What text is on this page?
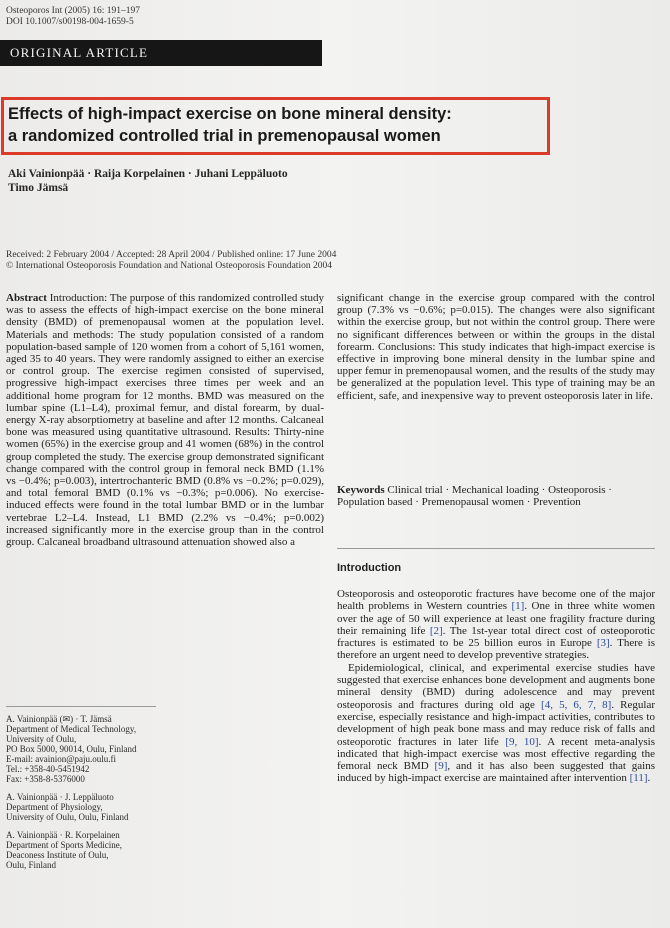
Osteoporos Int (2005) 16: 191–197
DOI 10.1007/s00198-004-1659-5
ORIGINAL ARTICLE
Effects of high-impact exercise on bone mineral density:
a randomized controlled trial in premenopausal women
Aki Vainionpää · Raija Korpelainen · Juhani Leppäluoto
Timo Jämsä
Received: 2 February 2004 / Accepted: 28 April 2004 / Published online: 17 June 2004
© International Osteoporosis Foundation and National Osteoporosis Foundation 2004
Abstract Introduction: The purpose of this randomized controlled study was to assess the effects of high-impact exercise on the bone mineral density (BMD) of premenopausal women at the population level. Materials and methods: The study population consisted of a random population-based sample of 120 women from a cohort of 5,161 women, aged 35 to 40 years. They were randomly assigned to either an exercise or control group. The exercise regimen consisted of supervised, progressive high-impact exercises three times per week and an additional home program for 12 months. BMD was measured on the lumbar spine (L1–L4), proximal femur, and distal forearm, by dual-energy X-ray absorptiometry at baseline and after 12 months. Calcaneal bone was measured using quantitative ultrasound. Results: Thirty-nine women (65%) in the exercise group and 41 women (68%) in the control group completed the study. The exercise group demonstrated significant change compared with the control group in femoral neck BMD (1.1% vs −0.4%; p=0.003), intertrochanteric BMD (0.8% vs −0.2%; p=0.029), and total femoral BMD (0.1% vs −0.3%; p=0.006). No exercise-induced effects were found in the total lumbar BMD or in the lumbar vertebrae L2–L4. Instead, L1 BMD (2.2% vs −0.4%; p=0.002) increased significantly more in the exercise group than in the control group. Calcaneal broadband ultrasound attenuation showed also a
significant change in the exercise group compared with the control group (7.3% vs −0.6%; p=0.015). The changes were also significant within the exercise group, but not within the control group. There were no significant differences between or within the groups in the distal forearm. Conclusions: This study indicates that high-impact exercise is effective in improving bone mineral density in the lumbar spine and upper femur in premenopausal women, and the results of the study may be generalized at the population level. This type of training may be an efficient, safe, and inexpensive way to prevent osteoporosis later in life.
Keywords Clinical trial · Mechanical loading · Osteoporosis · Population based · Premenopausal women · Prevention
Introduction

Osteoporosis and osteoporotic fractures have become one of the major health problems in Western countries [1]. One in three white women over the age of 50 will experience at least one fragility fracture during their remaining life [2]. The 1st-year total direct cost of osteoporotic fractures is estimated to be 25 billion euros in Europe [3]. There is therefore an urgent need to develop preventive strategies.

Epidemiological, clinical, and experimental exercise studies have suggested that exercise enhances bone development and augments bone mineral density (BMD) during adolescence and may prevent osteoporosis and fractures during old age [4, 5, 6, 7, 8]. Regular exercise, especially resistance and high-impact activities, contributes to development of high peak bone mass and may reduce risk of falls and osteoporotic fractures in later life [9, 10]. A recent meta-analysis indicated that high-impact exercise was most effective regarding the femoral neck BMD [9], and it has also been suggested that gains induced by high-impact exercise are maintained after intervention [11].

A. Vainionpää (✉) · T. Jämsä
Department of Medical Technology,
University of Oulu,
PO Box 5000, 90014, Oulu, Finland
E-mail: avainion@paju.oulu.fi
Tel.: +358-40-5451942
Fax: +358-8-5376000
A. Vainionpää · J. Leppäluoto
Department of Physiology,
University of Oulu, Oulu, Finland
A. Vainionpää · R. Korpelainen
Department of Sports Medicine,
Deaconess Institute of Oulu,
Oulu, Finland
